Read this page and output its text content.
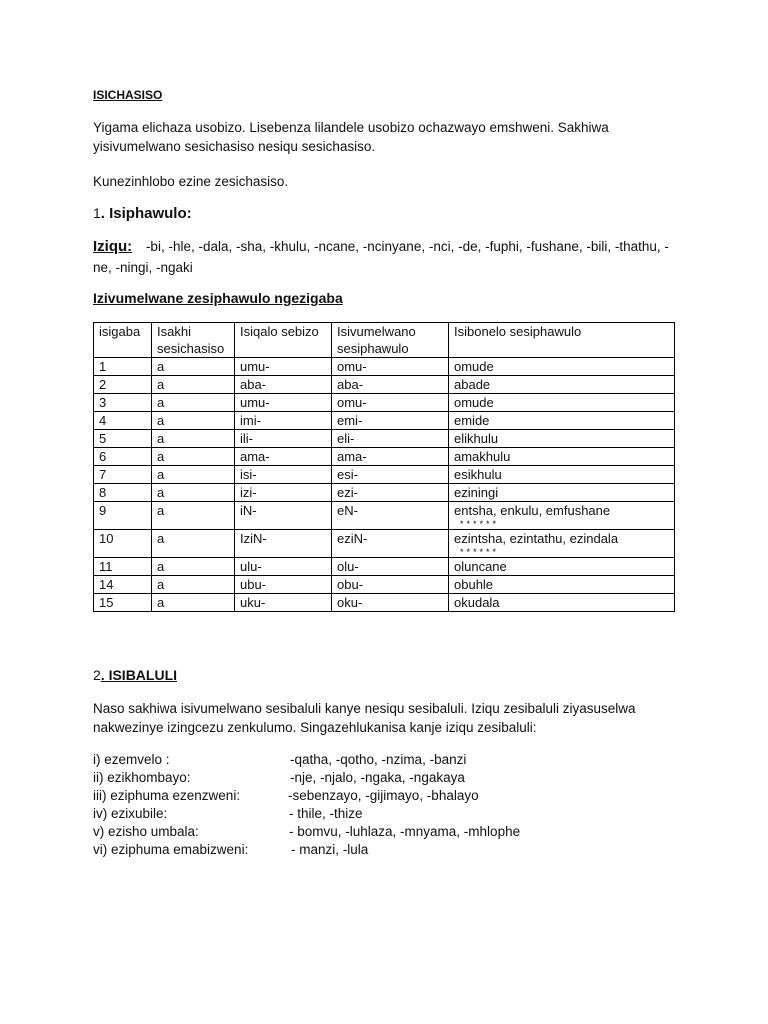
ISICHASISO
Yigama elichaza usobizo. Lisebenza lilandele usobizo ochazwayo emshweni. Sakhiwa yisivumelwano sesichasiso nesiqu sesichasiso.
Kunezinhlobo ezine zesichasiso.
1. Isiphawulo:
Iziqu: -bi, -hle, -dala, -sha, -khulu, -ncane, -ncinyane, -nci, -de, -fuphi, -fushane, -bili, -thathu, -ne, -ningi, -ngaki
Izivumelwane zesiphawulo ngezigaba
isigaba	Isakhi sesichasiso	Isiqalo sebizo	Isivumelwano sesiphawulo	Isibonelo sesiphawulo
1	a	umu-	omu-	omude
2	a	aba-	aba-	abade
3	a	umu-	omu-	omude
4	a	imi-	emi-	emide
5	a	ili-	eli-	elikhulu
6	a	ama-	ama-	amakhulu
7	a	isi-	esi-	esikhulu
8	a	izi-	ezi-	eziningi
9	a	iN-	eN-	entsha, enkulu, emfushane
******

10	a	IziN-	eziN-	ezintsha, ezintathu, ezindala
******

11	a	ulu-	olu-	oluncane
14	a	ubu-	obu-	obuhle
15	a	uku-	oku-	okudala
2. ISIBALULI
Naso sakhiwa isivumelwano sesibaluli kanye nesiqu sesibaluli. Iziqu zesibaluli ziyasuselwa nakwezinye izingcezu zenkulumo. Singazehlukanisa kanje iziqu zesibaluli:
i) ezemvelo :	-qatha, -qotho, -nzima, -banzi
ii) ezikhombayo:	-nje, -njalo, -ngaka, -ngakaya
iii) eziphuma ezenzweni:	-sebenzayo, -gijimayo, -bhalayo
iv) ezixubile:	- thile, -thize
v) ezisho umbala:	- bomvu, -luhlaza, -mnyama, -mhlophe
vi) eziphuma emabizweni:	- manzi, -lula
